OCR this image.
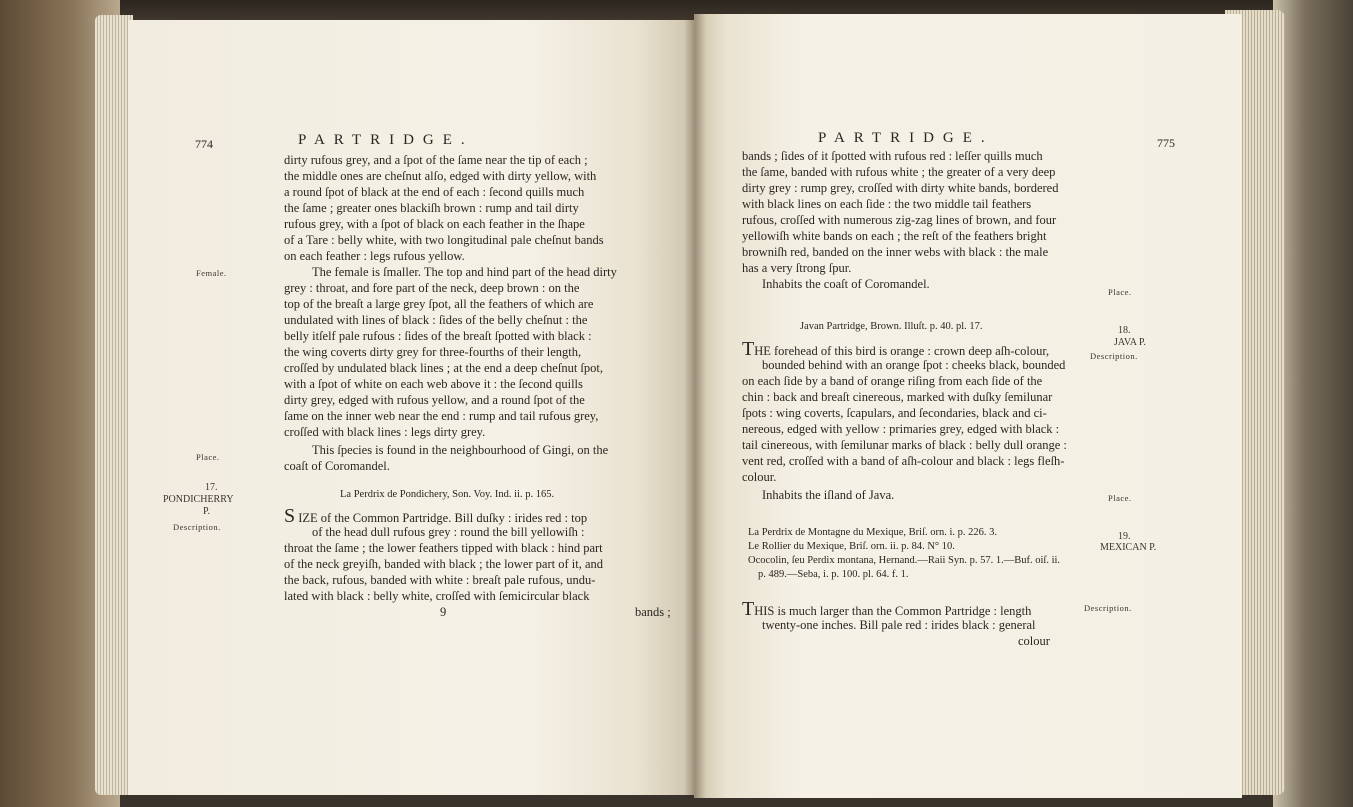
774	PARTRIDGE.
dirty rufous grey, and a ſpot of the ſame near the tip of each ;
the middle ones are cheſnut alſo, edged with dirty yellow, with
a round ſpot of black at the end of each : ſecond quills much
the ſame ; greater ones blackiſh brown : rump and tail dirty
rufous grey, with a ſpot of black on each feather in the ſhape
of a Tare : belly white, with two longitudinal pale cheſnut bands
on each feather : legs rufous yellow.
Female.	The female is ſmaller. The top and hind part of the head dirty
grey : throat, and fore part of the neck, deep brown : on the
top of the breaſt a large grey ſpot, all the feathers of which are
undulated with lines of black : ſides of the belly cheſnut : the
belly itſelf pale rufous : ſides of the breaſt ſpotted with black :
the wing coverts dirty grey for three-fourths of their length,
croſſed by undulated black lines ; at the end a deep cheſnut ſpot,
with a ſpot of white on each web above it : the ſecond quills
dirty grey, edged with rufous yellow, and a round ſpot of the
ſame on the inner web near the end : rump and tail rufous grey,
croſſed with black lines : legs dirty grey.
Place.	This ſpecies is found in the neighbourhood of Gingi, on the
coaſt of Coromandel.
17.
PONDICHERRY
P.
Description.
La Perdrix de Pondichery, Son. Voy. Ind. ii. p. 165.
S IZE of the Common Partridge. Bill duſky : irides red : top
of the head dull rufous grey : round the bill yellowiſh :
throat the ſame ; the lower feathers tipped with black : hind part
of the neck greyiſh, banded with black ; the lower part of it, and
the back, rufous, banded with white : breaſt pale rufous, undu-
lated with black : belly white, croſſed with ſemicircular black
9	bands ;
PARTRIDGE.	775
bands ; ſides of it ſpotted with rufous red : leſſer quills much
the ſame, banded with rufous white ; the greater of a very deep
dirty grey : rump grey, croſſed with dirty white bands, bordered
with black lines on each ſide : the two middle tail feathers
rufous, croſſed with numerous zig-zag lines of brown, and four
yellowiſh white bands on each ; the reſt of the feathers bright
browniſh red, banded on the inner webs with black : the male
has a very ſtrong ſpur.
Inhabits the coaſt of Coromandel.
Place.
Javan Partridge, Brown. Illuſt. p. 40. pl. 17.	18.
JAVA P.
Description.
THE forehead of this bird is orange : crown deep aſh-colour,
bounded behind with an orange ſpot : cheeks black, bounded
on each ſide by a band of orange riſing from each ſide of the
chin : back and breaſt cinereous, marked with duſky ſemilunar
ſpots : wing coverts, ſcapulars, and ſecondaries, black and ci-
nereous, edged with yellow : primaries grey, edged with black :
tail cinereous, with ſemilunar marks of black : belly dull orange :
vent red, croſſed with a band of aſh-colour and black : legs fleſh-
colour.
Inhabits the iſland of Java.	Place.
La Perdrix de Montagne du Mexique, Briſ. orn. i. p. 226. 3.
Le Rollier du Mexique, Briſ. orn. ii. p. 84. N° 10.
Ococolin, ſeu Perdix montana, Hernand.—Raii Syn. p. 57. 1.—Buf. oiſ. ii.
p. 489.—Seba, i. p. 100. pl. 64. f. 1.
19.
MEXICAN P.
THIS is much larger than the Common Partridge : length	Description.
twenty-one inches. Bill pale red : irides black : general
colour
